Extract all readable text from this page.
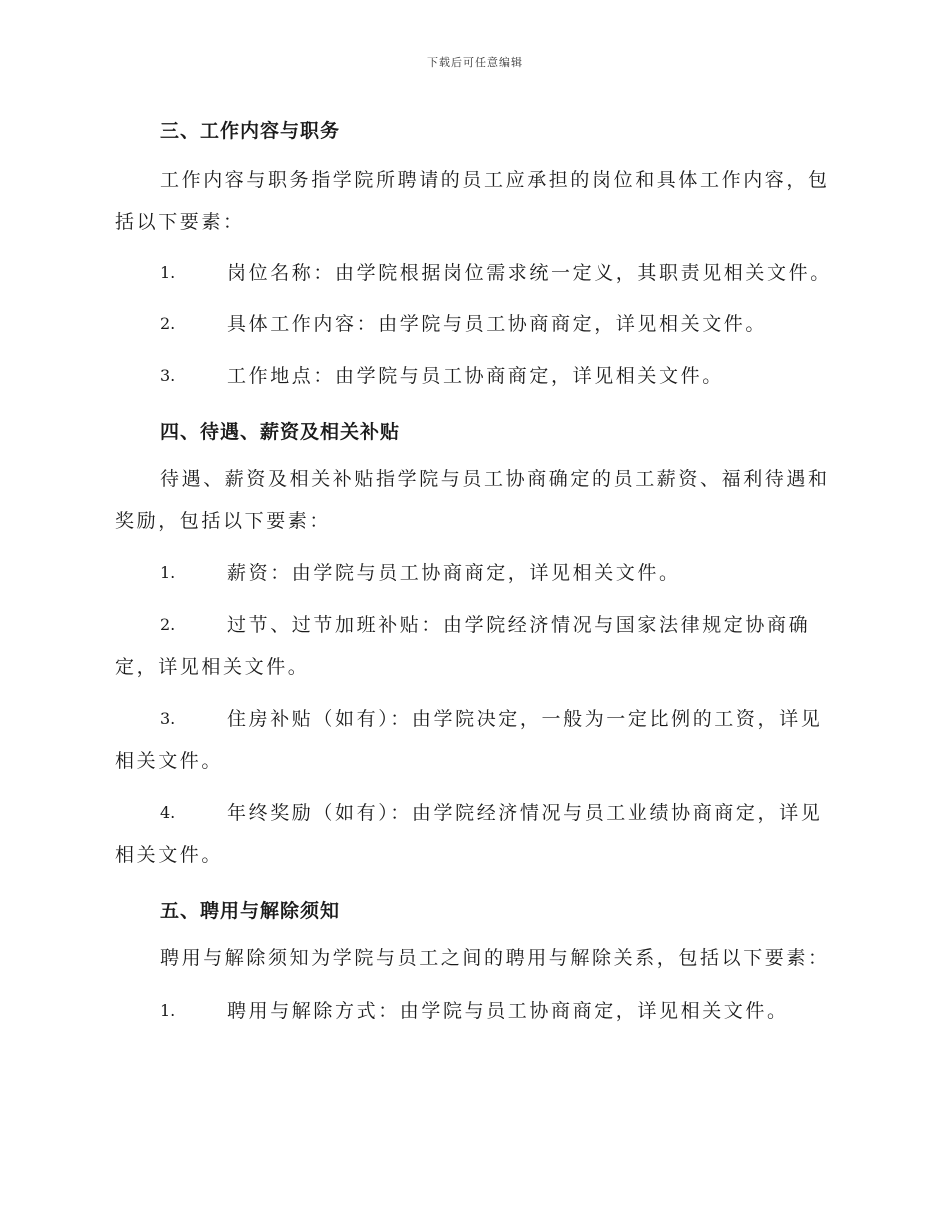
下载后可任意编辑
三、工作内容与职务
工作内容与职务指学院所聘请的员工应承担的岗位和具体工作内容，包括以下要素：
1.	岗位名称：由学院根据岗位需求统一定义，其职责见相关文件。
2.	具体工作内容：由学院与员工协商商定，详见相关文件。
3.	工作地点：由学院与员工协商商定，详见相关文件。
四、待遇、薪资及相关补贴
待遇、薪资及相关补贴指学院与员工协商确定的员工薪资、福利待遇和奖励，包括以下要素：
1.	薪资：由学院与员工协商商定，详见相关文件。
2.	过节、过节加班补贴：由学院经济情况与国家法律规定协商确定，详见相关文件。
3.	住房补贴（如有）：由学院决定，一般为一定比例的工资，详见相关文件。
4.	年终奖励（如有）：由学院经济情况与员工业绩协商商定，详见相关文件。
五、聘用与解除须知
聘用与解除须知为学院与员工之间的聘用与解除关系，包括以下要素：
1.	聘用与解除方式：由学院与员工协商商定，详见相关文件。
